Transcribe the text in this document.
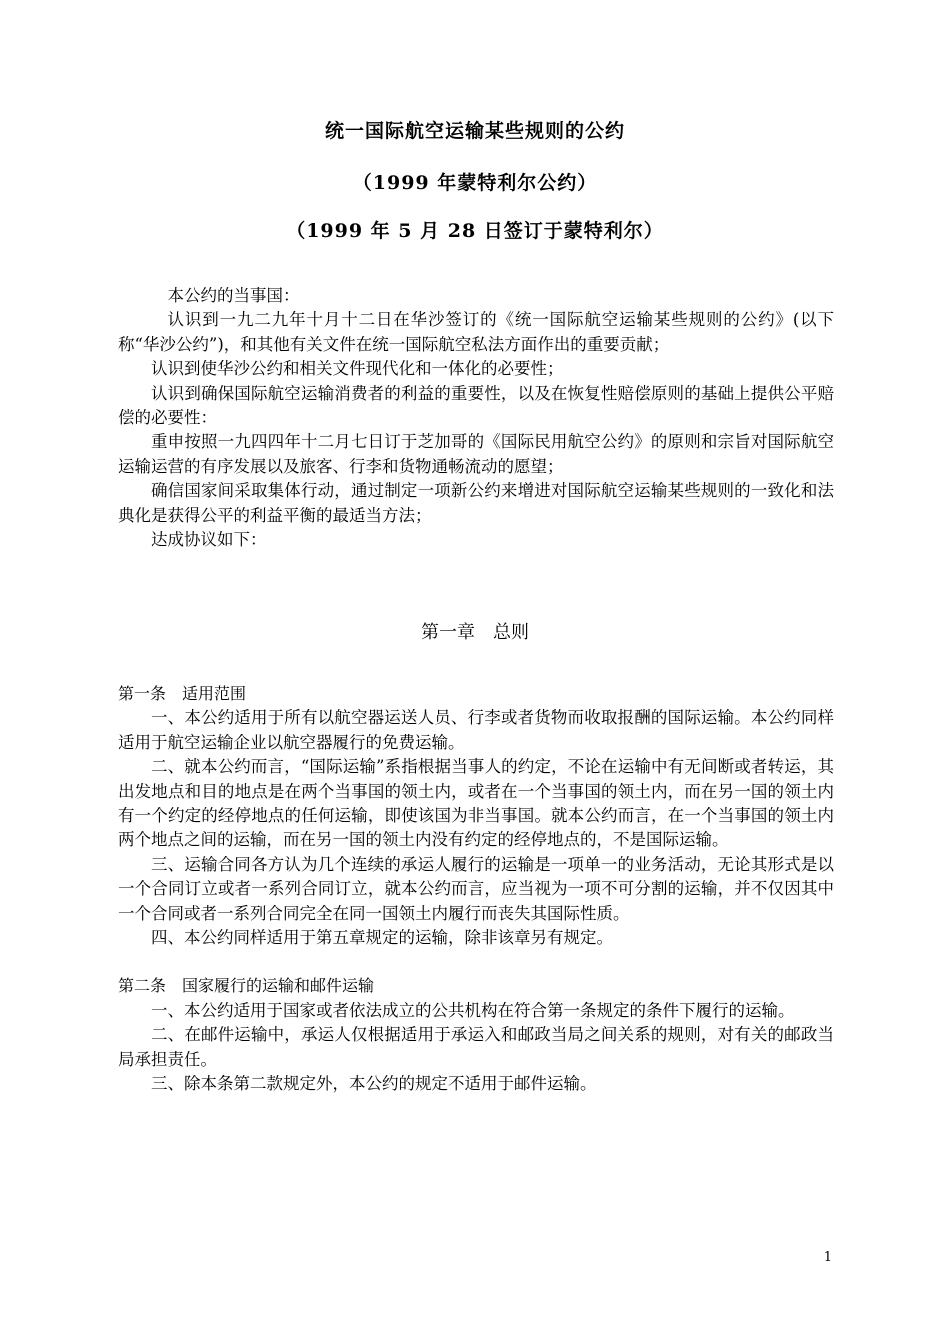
统一国际航空运输某些规则的公约
（1999 年蒙特利尔公约）
（1999 年 5 月 28 日签订于蒙特利尔）

本公约的当事国：

认识到一九二九年十月十二日在华沙签订的《统一国际航空运输某些规则的公约》(以下称“华沙公约”)，和其他有关文件在统一国际航空私法方面作出的重要贡献；

认识到使华沙公约和相关文件现代化和一体化的必要性；

认识到确保国际航空运输消费者的利益的重要性，以及在恢复性赔偿原则的基础上提供公平赔偿的必要性：

重申按照一九四四年十二月七日订于芝加哥的《国际民用航空公约》的原则和宗旨对国际航空运输运营的有序发展以及旅客、行李和货物通畅流动的愿望；

确信国家间采取集体行动，通过制定一项新公约来增进对国际航空运输某些规则的一致化和法典化是获得公平的利益平衡的最适当方法；

达成协议如下：

第一章　总则

第一条　适用范围

一、本公约适用于所有以航空器运送人员、行李或者货物而收取报酬的国际运输。本公约同样适用于航空运输企业以航空器履行的免费运输。

二、就本公约而言，“国际运输”系指根据当事人的约定，不论在运输中有无间断或者转运，其出发地点和目的地点是在两个当事国的领土内，或者在一个当事国的领土内，而在另一国的领土内有一个约定的经停地点的任何运输，即使该国为非当事国。就本公约而言，在一个当事国的领土内两个地点之间的运输，而在另一国的领土内没有约定的经停地点的，不是国际运输。

三、运输合同各方认为几个连续的承运人履行的运输是一项单一的业务活动，无论其形式是以一个合同订立或者一系列合同订立，就本公约而言，应当视为一项不可分割的运输，并不仅因其中一个合同或者一系列合同完全在同一国领土内履行而丧失其国际性质。

四、本公约同样适用于第五章规定的运输，除非该章另有规定。

第二条　国家履行的运输和邮件运输

一、本公约适用于国家或者依法成立的公共机构在符合第一条规定的条件下履行的运输。

二、在邮件运输中，承运人仅根据适用于承运入和邮政当局之间关系的规则，对有关的邮政当局承担责任。

三、除本条第二款规定外，本公约的规定不适用于邮件运输。

1
